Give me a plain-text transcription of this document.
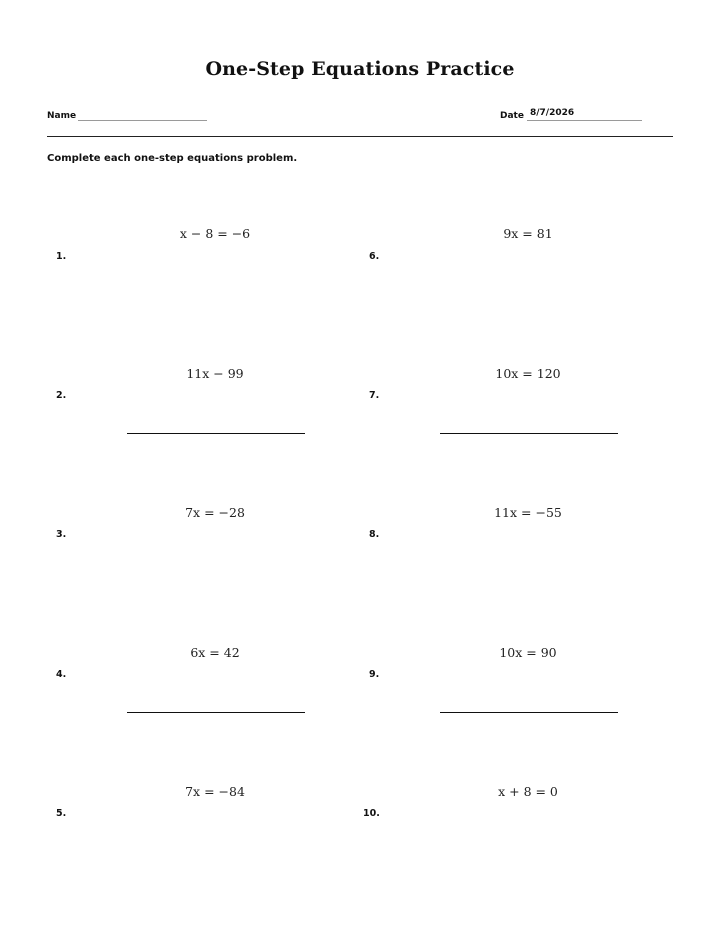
One-Step Equations Practice
Name	Date 8/7/2026
Complete each one-step equations problem.
x − 8 = −6
1.
11x − 99
2.
7x = −28
3.
6x = 42
4.
7x = −84
5.
9x = 81
6.
10x = 120
7.
11x = −55
8.
10x = 90
9.
x + 8 = 0
10.
